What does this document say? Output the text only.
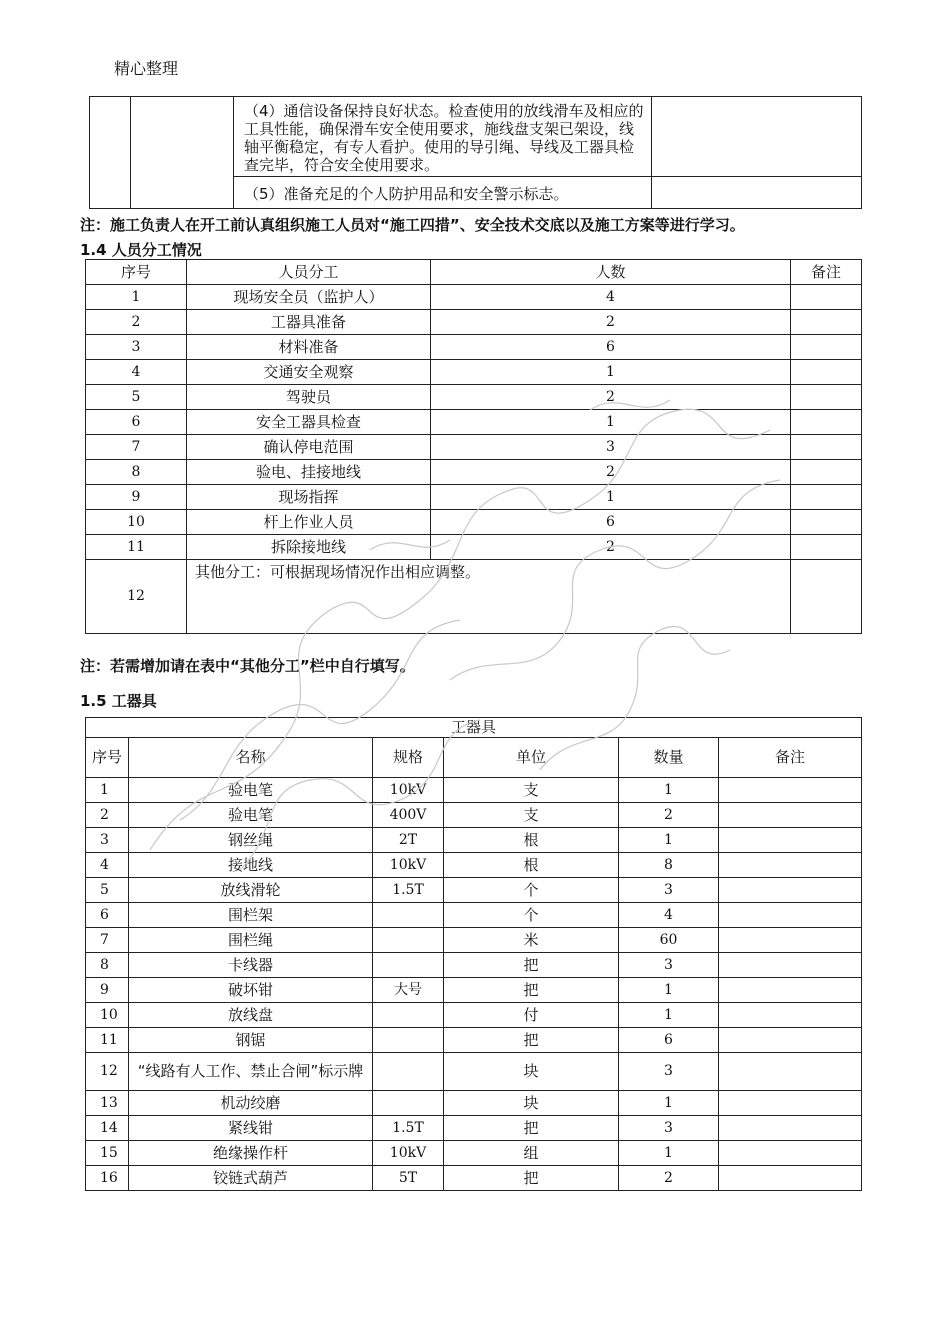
精心整理
		（4）通信设备保持良好状态。检查使用的放线滑车及相应的工具性能，确保滑车安全使用要求，施线盘支架已架设，线轴平衡稳定，有专人看护。使用的导引绳、导线及工器具检查完毕，符合安全使用要求。	
		（5）准备充足的个人防护用品和安全警示标志。	
注：施工负责人在开工前认真组织施工人员对“施工四措”、安全技术交底以及施工方案等进行学习。
1.4 人员分工情况
序号	人员分工	人数	备注
1	现场安全员（监护人）	4	
2	工器具准备	2	
3	材料准备	6	
4	交通安全观察	1	
5	驾驶员	2	
6	安全工器具检查	1	
7	确认停电范围	3	
8	验电、挂接地线	2	
9	现场指挥	1	
10	杆上作业人员	6	
11	拆除接地线	2	
12	其他分工：可根据现场情况作出相应调整。		
注：若需增加请在表中“其他分工”栏中自行填写。
1.5 工器具
工器具					
序号	名称	规格	单位	数量	备注
1	验电笔	10kV	支	1	
2	验电笔	400V	支	2	
3	钢丝绳	2T	根	1	
4	接地线	10kV	根	8	
5	放线滑轮	1.5T	个	3	
6	围栏架		个	4	
7	围栏绳		米	60	
8	卡线器		把	3	
9	破坏钳	大号	把	1	
10	放线盘		付	1	
11	钢锯		把	6	
12	“线路有人工作、禁止合闸”标示牌		块	3	
13	机动绞磨		块	1	
14	紧线钳	1.5T	把	3	
15	绝缘操作杆	10kV	组	1	
16	铰链式葫芦	5T	把	2	
